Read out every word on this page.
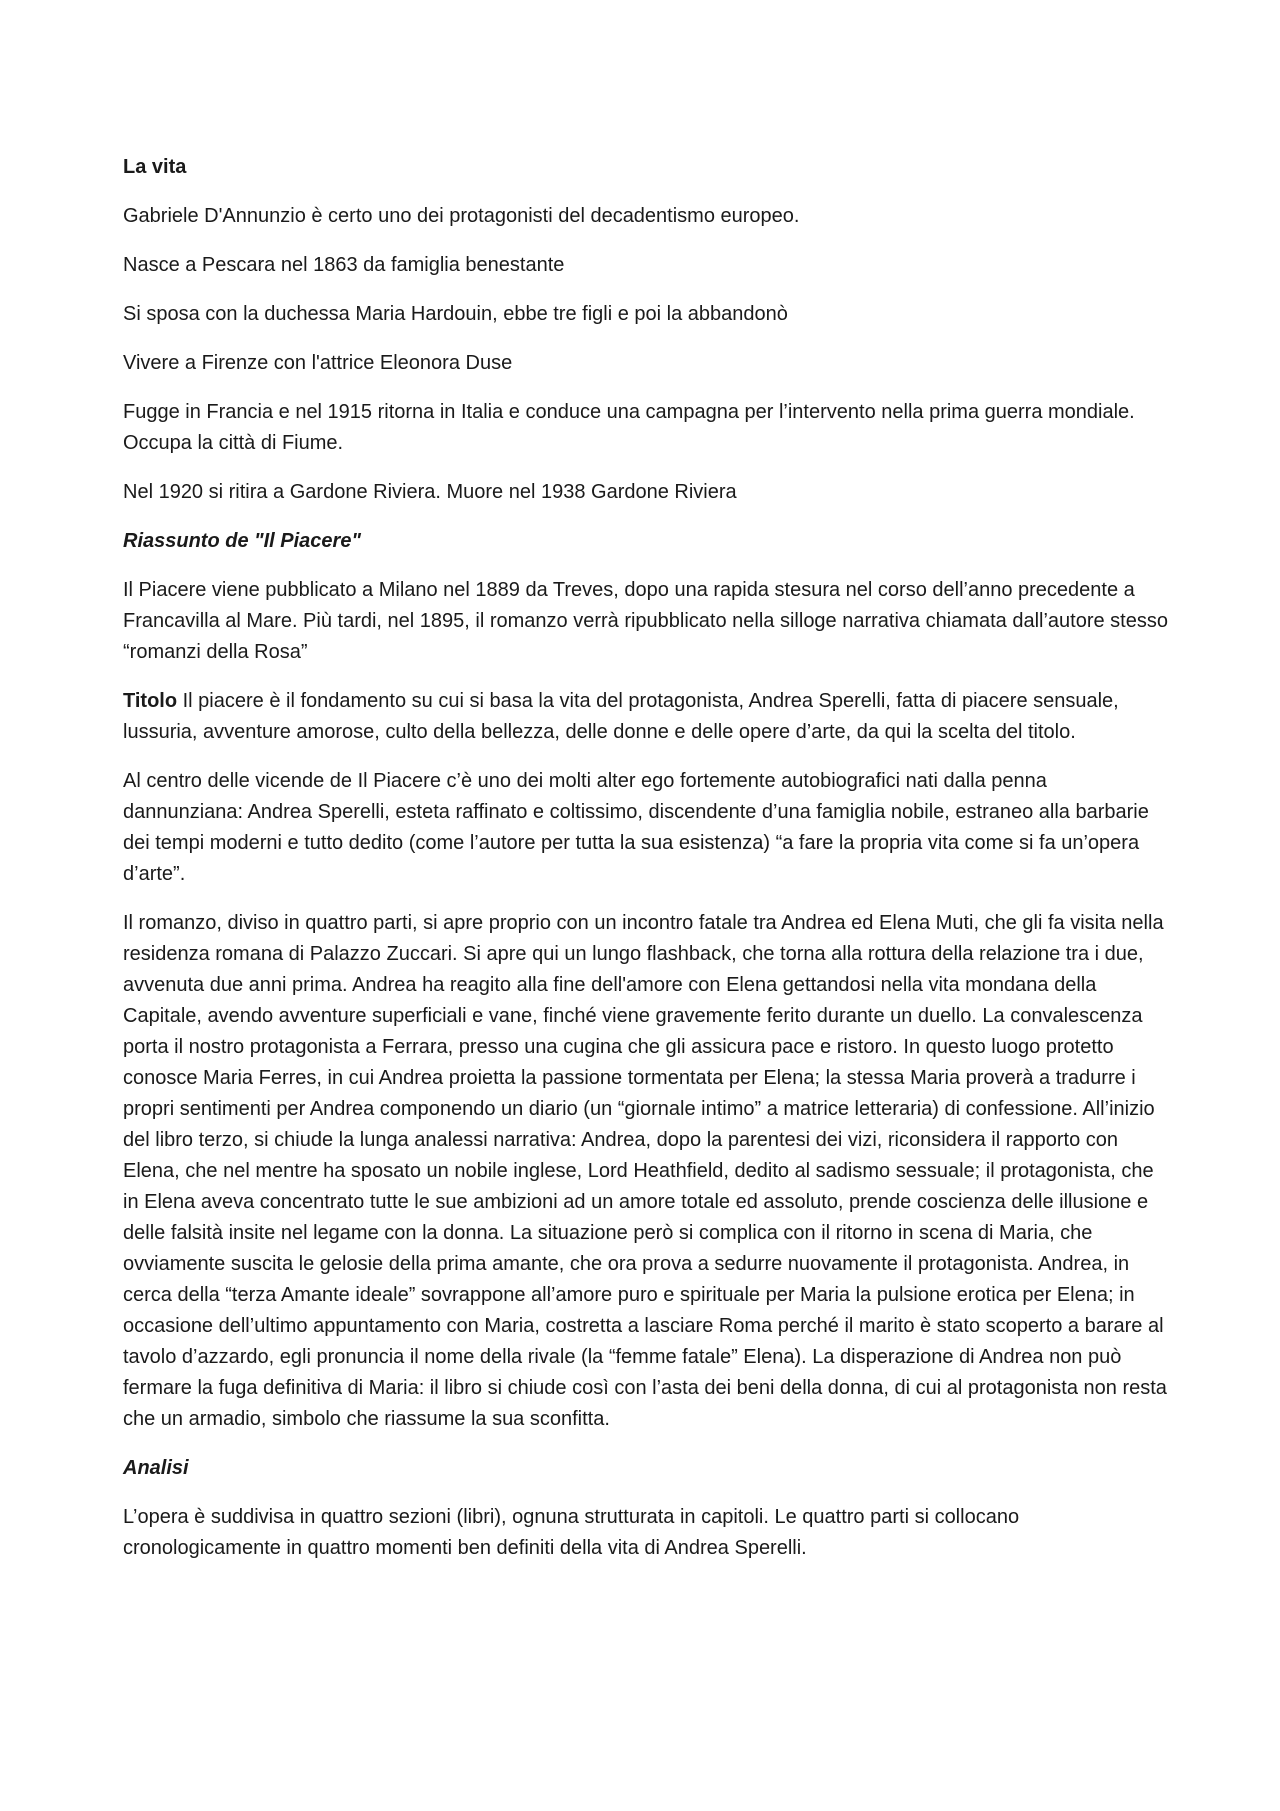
La vita

Gabriele D'Annunzio è certo uno dei protagonisti del decadentismo europeo.

Nasce a Pescara nel 1863 da famiglia benestante

Si sposa con la duchessa Maria Hardouin, ebbe tre figli e poi la abbandonò

Vivere a Firenze con l'attrice Eleonora Duse

Fugge in Francia e nel 1915 ritorna in Italia e conduce una campagna per l’intervento nella prima guerra mondiale. Occupa la città di Fiume.

Nel 1920 si ritira a Gardone Riviera. Muore nel 1938 Gardone Riviera

Riassunto de "Il Piacere"

Il Piacere viene pubblicato a Milano nel 1889 da Treves, dopo una rapida stesura nel corso dell’anno precedente a Francavilla al Mare. Più tardi, nel 1895, il romanzo verrà ripubblicato nella silloge narrativa chiamata dall’autore stesso “romanzi della Rosa”

Titolo Il piacere è il fondamento su cui si basa la vita del protagonista, Andrea Sperelli, fatta di piacere sensuale, lussuria, avventure amorose, culto della bellezza, delle donne e delle opere d’arte, da qui la scelta del titolo.

Al centro delle vicende de Il Piacere c’è uno dei molti alter ego fortemente autobiografici nati dalla penna dannunziana: Andrea Sperelli, esteta raffinato e coltissimo, discendente d’una famiglia nobile, estraneo alla barbarie dei tempi moderni e tutto dedito (come l’autore per tutta la sua esistenza) “a fare la propria vita come si fa un’opera d’arte”.

Il romanzo, diviso in quattro parti, si apre proprio con un incontro fatale tra Andrea ed Elena Muti, che gli fa visita nella residenza romana di Palazzo Zuccari. Si apre qui un lungo flashback, che torna alla rottura della relazione tra i due, avvenuta due anni prima. Andrea ha reagito alla fine dell'amore con Elena gettandosi nella vita mondana della Capitale, avendo avventure superficiali e vane, finché viene gravemente ferito durante un duello. La convalescenza porta il nostro protagonista a Ferrara, presso una cugina che gli assicura pace e ristoro. In questo luogo protetto conosce Maria Ferres, in cui Andrea proietta la passione tormentata per Elena; la stessa Maria proverà a tradurre i propri sentimenti per Andrea componendo un diario (un “giornale intimo” a matrice letteraria) di confessione. All’inizio del libro terzo, si chiude la lunga analessi narrativa: Andrea, dopo la parentesi dei vizi, riconsidera il rapporto con Elena, che nel mentre ha sposato un nobile inglese, Lord Heathfield, dedito al sadismo sessuale; il protagonista, che in Elena aveva concentrato tutte le sue ambizioni ad un amore totale ed assoluto, prende coscienza delle illusione e delle falsità insite nel legame con la donna. La situazione però si complica con il ritorno in scena di Maria, che ovviamente suscita le gelosie della prima amante, che ora prova a sedurre nuovamente il protagonista. Andrea, in cerca della “terza Amante ideale” sovrappone all’amore puro e spirituale per Maria la pulsione erotica per Elena; in occasione dell’ultimo appuntamento con Maria, costretta a lasciare Roma perché il marito è stato scoperto a barare al tavolo d’azzardo, egli pronuncia il nome della rivale (la “femme fatale” Elena). La disperazione di Andrea non può fermare la fuga definitiva di Maria: il libro si chiude così con l’asta dei beni della donna, di cui al protagonista non resta che un armadio, simbolo che riassume la sua sconfitta.

Analisi

L’opera è suddivisa in quattro sezioni (libri), ognuna strutturata in capitoli. Le quattro parti si collocano cronologicamente in quattro momenti ben definiti della vita di Andrea Sperelli.
